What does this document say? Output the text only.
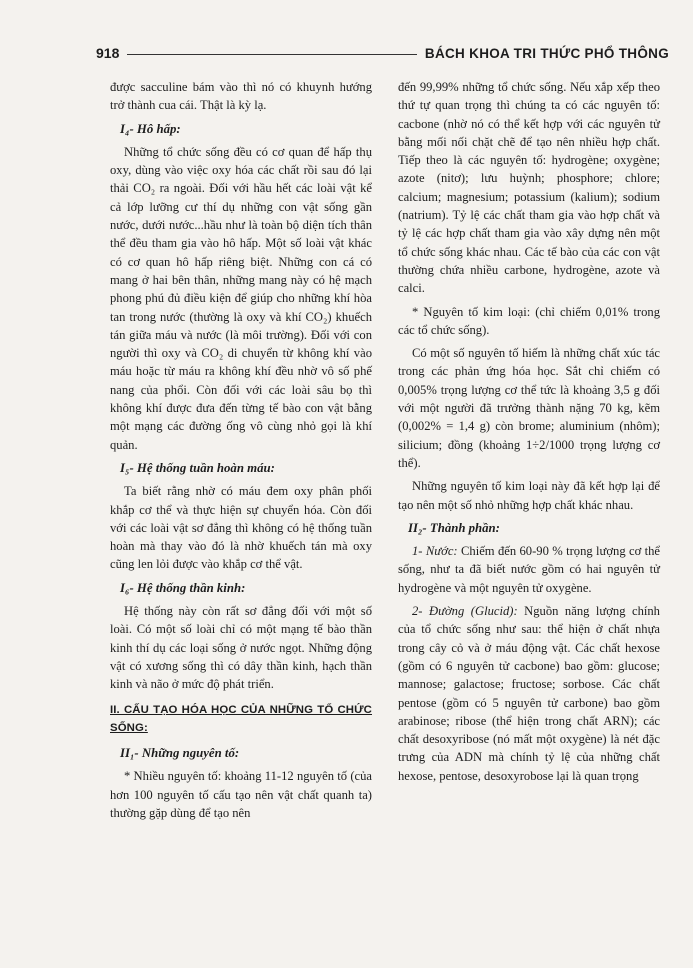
918	BÁCH KHOA TRI THỨC PHỔ THÔNG

được sacculine bám vào thì nó có khuynh hướng trở thành cua cái. Thật là kỳ lạ.

I₄- Hô hấp:

Những tổ chức sống đều có cơ quan để hấp thụ oxy, dùng vào việc oxy hóa các chất rồi sau đó lại thải CO₂ ra ngoài. Đối với hầu hết các loài vật kể cả lớp lưỡng cư thí dụ những con vật sống gần nước, dưới nước...hầu như là toàn bộ diện tích thân thể đều tham gia vào hô hấp. Một số loài vật khác có cơ quan hô hấp riêng biệt. Những con cá có mang ở hai bên thân, những mang này có hệ mạch phong phú đủ điều kiện để giúp cho những khí hòa tan trong nước (thường là oxy và khí CO₂) khuếch tán giữa máu và nước (là môi trường). Đối với con người thì oxy và CO₂ di chuyển từ không khí vào máu hoặc từ máu ra không khí đều nhờ vô số phế nang của phổi. Còn đối với các loài sâu bọ thì không khí được đưa đến từng tế bào con vật bằng một mạng các đường ống vô cùng nhỏ gọi là khí quản.

I₅- Hệ thống tuần hoàn máu:

Ta biết rằng nhờ có máu đem oxy phân phối khắp cơ thể và thực hiện sự chuyển hóa. Còn đối với các loài vật sơ đẳng thì không có hệ thống tuần hoàn mà thay vào đó là nhờ khuếch tán mà oxy cũng len lỏi được vào khắp cơ thể vật.

I₆- Hệ thống thần kinh:

Hệ thống này còn rất sơ đẳng đối với một số loài. Có một số loài chỉ có một mạng tế bào thần kinh thí dụ các loại sống ở nước ngọt. Những động vật có xương sống thì có dây thần kinh, hạch thần kinh và não ở mức độ phát triển.

II. CẤU TẠO HÓA HỌC CỦA NHỮNG TỔ CHỨC SỐNG:
II₁- Những nguyên tố:

* Nhiều nguyên tố: khoảng 11-12 nguyên tố (của hơn 100 nguyên tố cấu tạo nên vật chất quanh ta) thường gặp dùng để tạo nên

đến 99,99% những tổ chức sống. Nếu xắp xếp theo thứ tự quan trọng thì chúng ta có các nguyên tố: cacbone (nhờ nó có thể kết hợp với các nguyên tử bằng mối nối chặt chẽ để tạo nên nhiều hợp chất. Tiếp theo là các nguyên tố: hydrogène; oxygène; azote (nitơ); lưu huỳnh; phosphore; chlore; calcium; magnesium; potassium (kalium); sodium (natrium). Tỷ lệ các chất tham gia vào hợp chất và tỷ lệ các hợp chất tham gia vào xây dựng nên một tổ chức sống khác nhau. Các tế bào của các con vật thường chứa nhiều carbone, hydrogène, azote và calci.

* Nguyên tố kim loại: (chỉ chiếm 0,01% trong các tổ chức sống).

Có một số nguyên tố hiếm là những chất xúc tác trong các phản ứng hóa học. Sắt chỉ chiếm có 0,005% trọng lượng cơ thể tức là khoảng 3,5 g đối với một người đã trưởng thành nặng 70 kg, kẽm (0,002% = 1,4 g) còn brome; aluminium (nhôm); silicium; đồng (khoảng 1÷2/1000 trọng lượng cơ thể).

Những nguyên tố kim loại này đã kết hợp lại để tạo nên một số nhỏ những hợp chất khác nhau.

II₂- Thành phần:

1- Nước: Chiếm đến 60-90 % trọng lượng cơ thể sống, như ta đã biết nước gồm có hai nguyên tử hydrogène và một nguyên tử oxygène.

2- Đường (Glucid): Nguồn năng lượng chính của tổ chức sống như sau: thể hiện ở chất nhựa trong cây cỏ và ở máu động vật. Các chất hexose (gồm có 6 nguyên tử cacbone) bao gồm: glucose; mannose; galactose; fructose; sorbose. Các chất pentose (gồm có 5 nguyên tử carbone) bao gồm arabinose; ribose (thể hiện trong chất ARN); các chất desoxyribose (nó mất một oxygène) là nét đặc trưng của ADN mà chính tỷ lệ của những chất hexose, pentose, desoxyrobose lại là quan trọng
